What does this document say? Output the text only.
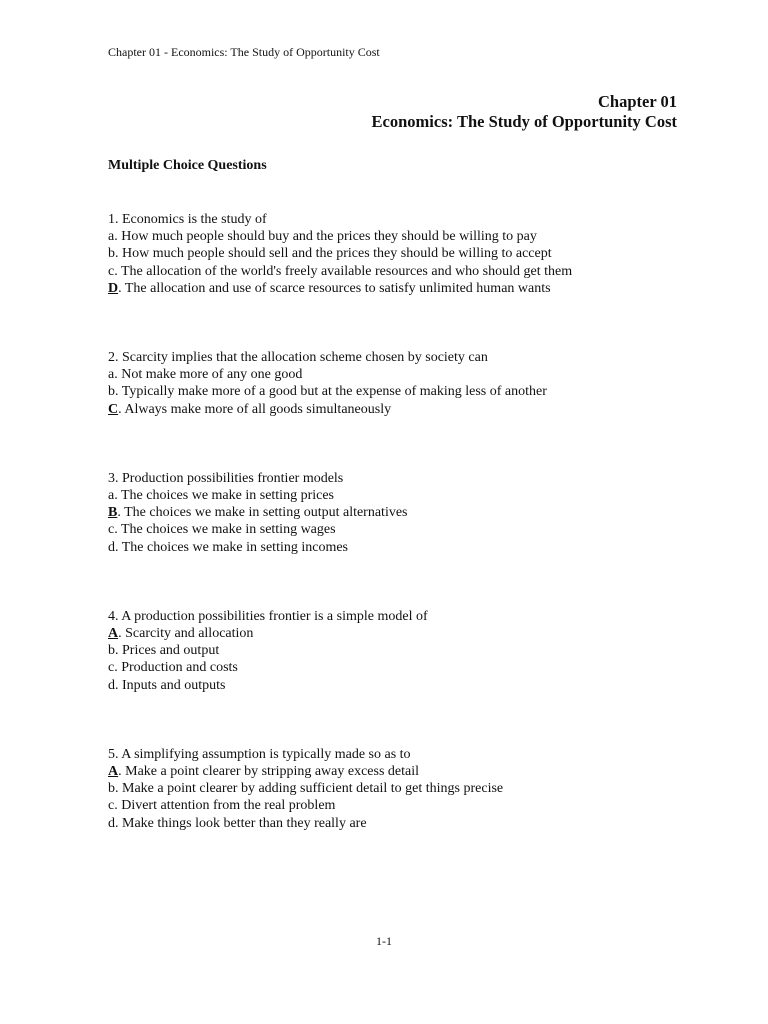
Chapter 01 - Economics: The Study of Opportunity Cost
Chapter 01
Economics: The Study of Opportunity Cost
Multiple Choice Questions
1. Economics is the study of
a. How much people should buy and the prices they should be willing to pay
b. How much people should sell and the prices they should be willing to accept
c. The allocation of the world's freely available resources and who should get them
D. The allocation and use of scarce resources to satisfy unlimited human wants
2. Scarcity implies that the allocation scheme chosen by society can
a. Not make more of any one good
b. Typically make more of a good but at the expense of making less of another
C. Always make more of all goods simultaneously
3. Production possibilities frontier models
a. The choices we make in setting prices
B. The choices we make in setting output alternatives
c. The choices we make in setting wages
d. The choices we make in setting incomes
4. A production possibilities frontier is a simple model of
A. Scarcity and allocation
b. Prices and output
c. Production and costs
d. Inputs and outputs
5. A simplifying assumption is typically made so as to
A. Make a point clearer by stripping away excess detail
b. Make a point clearer by adding sufficient detail to get things precise
c. Divert attention from the real problem
d. Make things look better than they really are
1-1
